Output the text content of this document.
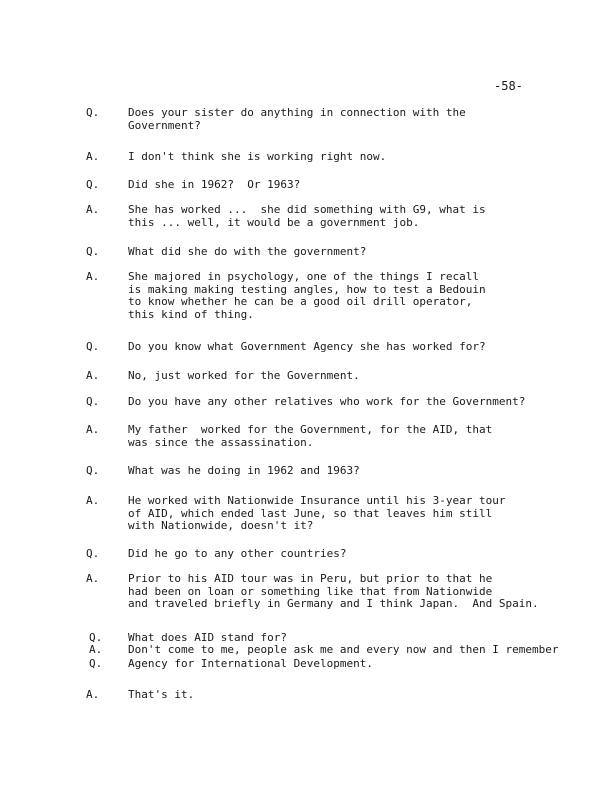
-58-
Q.	Does your sister do anything in connection with the
Government?
A.	I don't think she is working right now.
Q.	Did she in 1962?  Or 1963?
A.	She has worked ...  she did something with G9, what is
this ... well, it would be a government job.
Q.	What did she do with the government?
A.	She majored in psychology, one of the things I recall
is making making testing angles, how to test a Bedouin
to know whether he can be a good oil drill operator,
this kind of thing.
Q.	Do you know what Government Agency she has worked for?
A.	No, just worked for the Government.
Q.	Do you have any other relatives who work for the Government?
A.	My father  worked for the Government, for the AID, that
was since the assassination.
Q.	What was he doing in 1962 and 1963?
A.	He worked with Nationwide Insurance until his 3-year tour
of AID, which ended last June, so that leaves him still
with Nationwide, doesn't it?
Q.	Did he go to any other countries?
A.	Prior to his AID tour was in Peru, but prior to that he
had been on loan or something like that from Nationwide
and traveled briefly in Germany and I think Japan.  And Spain.
Q.	What does AID stand for?
A.	Don't come to me, people ask me and every now and then I remember
Q.	Agency for International Development.
A.	That's it.
